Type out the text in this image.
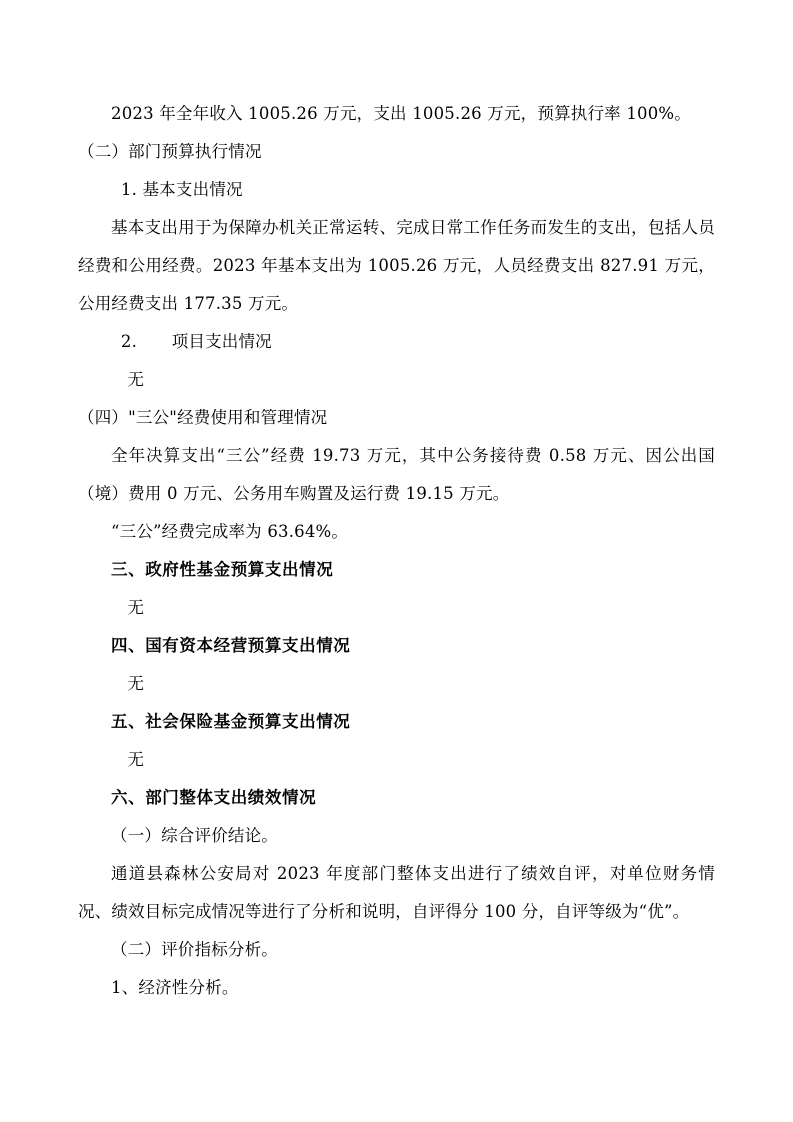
2023 年全年收入 1005.26 万元，支出 1005.26 万元，预算执行率 100%。

（二）部门预算执行情况

1. 基本支出情况

基本支出用于为保障办机关正常运转、完成日常工作任务而发生的支出，包括人员经费和公用经费。2023 年基本支出为 1005.26 万元，人员经费支出 827.91 万元，公用经费支出 177.35 万元。

2. 项目支出情况

无

（四）"三公"经费使用和管理情况

全年决算支出“三公”经费 19.73 万元，其中公务接待费 0.58 万元、因公出国（境）费用 0 万元、公务用车购置及运行费 19.15 万元。

“三公”经费完成率为 63.64%。

三、政府性基金预算支出情况

无

四、国有资本经营预算支出情况

无

五、社会保险基金预算支出情况

无

六、部门整体支出绩效情况

（一）综合评价结论。

通道县森林公安局对 2023 年度部门整体支出进行了绩效自评，对单位财务情况、绩效目标完成情况等进行了分析和说明，自评得分 100 分，自评等级为“优”。

（二）评价指标分析。

1、经济性分析。
